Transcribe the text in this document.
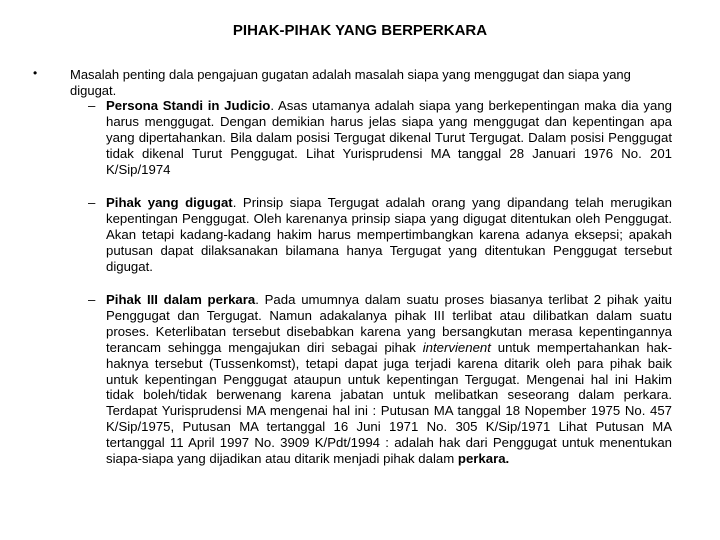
PIHAK-PIHAK YANG BERPERKARA
•	Masalah penting dala pengajuan gugatan adalah masalah siapa yang menggugat dan siapa yang digugat.

– Persona Standi in Judicio. Asas utamanya adalah siapa yang berkepentingan maka dia yang harus menggugat. Dengan demikian harus jelas siapa yang menggugat dan kepentingan apa yang dipertahankan. Bila dalam posisi Tergugat dikenal Turut Tergugat. Dalam posisi Penggugat tidak dikenal Turut Penggugat. Lihat Yurisprudensi MA tanggal 28 Januari 1976 No. 201 K/Sip/1974
– Pihak yang digugat. Prinsip siapa Tergugat adalah orang yang dipandang telah merugikan kepentingan Penggugat. Oleh karenanya prinsip siapa yang digugat ditentukan oleh Penggugat. Akan tetapi kadang-kadang hakim harus mempertimbangkan karena adanya eksepsi; apakah putusan dapat dilaksanakan bilamana hanya Tergugat yang ditentukan Penggugat tersebut digugat.
– Pihak III dalam perkara. Pada umumnya dalam suatu proses biasanya terlibat 2 pihak yaitu Penggugat dan Tergugat. Namun adakalanya pihak III terlibat atau dilibatkan dalam suatu proses. Keterlibatan tersebut disebabkan karena yang bersangkutan merasa kepentingannya terancam sehingga mengajukan diri sebagai pihak intervienent untuk mempertahankan hak-haknya tersebut (Tussenkomst), tetapi dapat juga terjadi karena ditarik oleh para pihak baik untuk kepentingan Penggugat ataupun untuk kepentingan Tergugat. Mengenai hal ini Hakim tidak boleh/tidak berwenang karena jabatan untuk melibatkan seseorang dalam perkara. Terdapat Yurisprudensi MA mengenai hal ini : Putusan MA tanggal 18 Nopember 1975 No. 457 K/Sip/1975, Putusan MA tertanggal 16 Juni 1971 No. 305 K/Sip/1971 Lihat Putusan MA tertanggal 11 April 1997 No. 3909 K/Pdt/1994 : adalah hak dari Penggugat untuk menentukan siapa-siapa yang dijadikan atau ditarik menjadi pihak dalam perkara.
